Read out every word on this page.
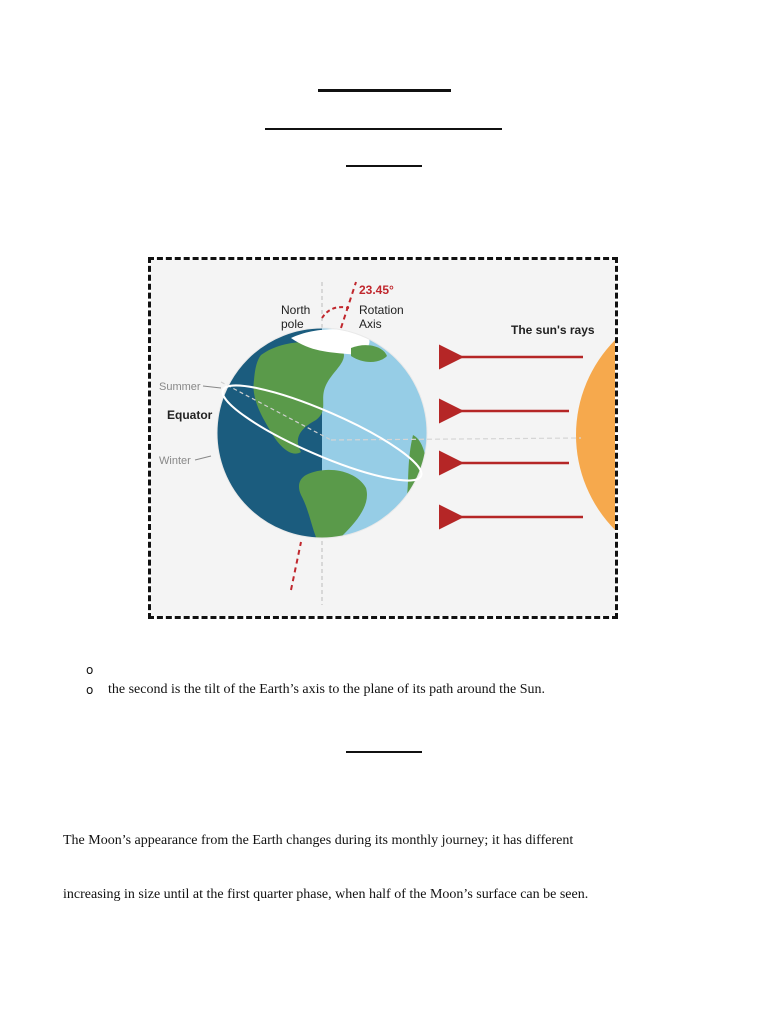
23.45°
North
pole
Rotation
Axis	The sun's rays
Summer
Equator
Winter
o
o	the second is the tilt of the Earth’s axis to the plane of its path around the Sun.
The Moon’s appearance from the Earth changes during its monthly journey; it has different
increasing in size until at the first quarter phase, when half of the Moon’s surface can be seen.
